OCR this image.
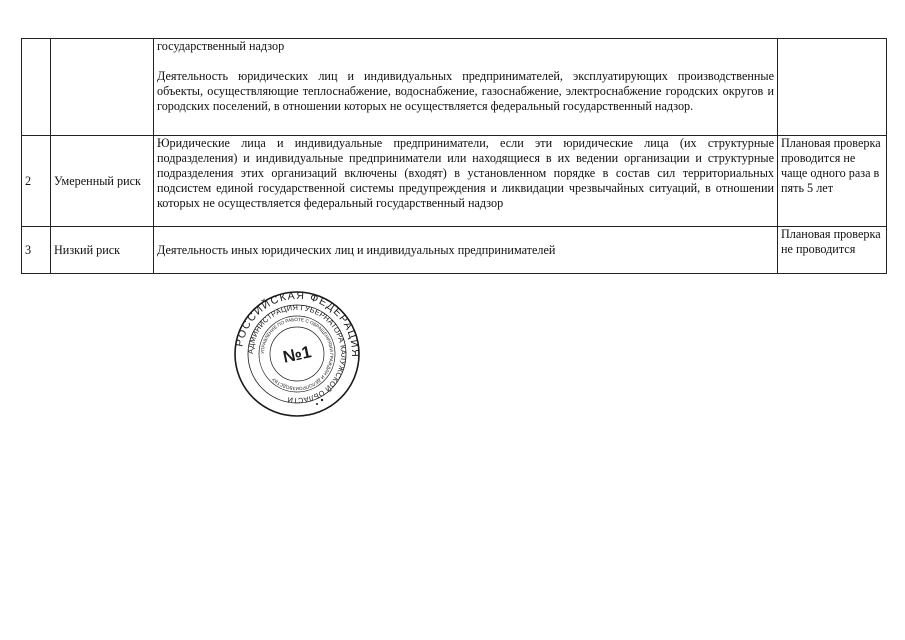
		государственный надзор
Деятельность юридических лиц и индивидуальных предпринимателей, эксплуатирующих производственные объекты, осуществляющие теплоснабжение, водоснабжение, газоснабжение, электроснабжение городских округов и городских поселений, в отношении которых не осуществляется федеральный государственный надзор.	

2	Умеренный риск	Юридические лица и индивидуальные предприниматели, если эти юридические лица (их структурные подразделения) и индивидуальные предприниматели или находящиеся в их ведении организации и структурные подразделения этих организаций включены (входят) в установленном порядке в состав сил территориальных подсистем единой государственной системы предупреждения и ликвидации чрезвычайных ситуаций, в отношении которых не осуществляется федеральный государственный надзор	Плановая проверка проводится не чаще одного раза в пять 5 лет
3	Низкий риск	Деятельность иных юридических лиц и индивидуальных предпринимателей	Плановая проверка не проводится
РОССИЙСКАЯ ФЕДЕРАЦИЯ
АДМИНИСТРАЦИЯ ГУБЕРНАТОРА КАЛУЖСКОЙ ОБЛАСТИ
УПРАВЛЕНИЕ ПО РАБОТЕ С ОБРАЩЕНИЯМИ ГРАЖДАН И ДЕЛОПРОИЗВОДСТВУ
№1
